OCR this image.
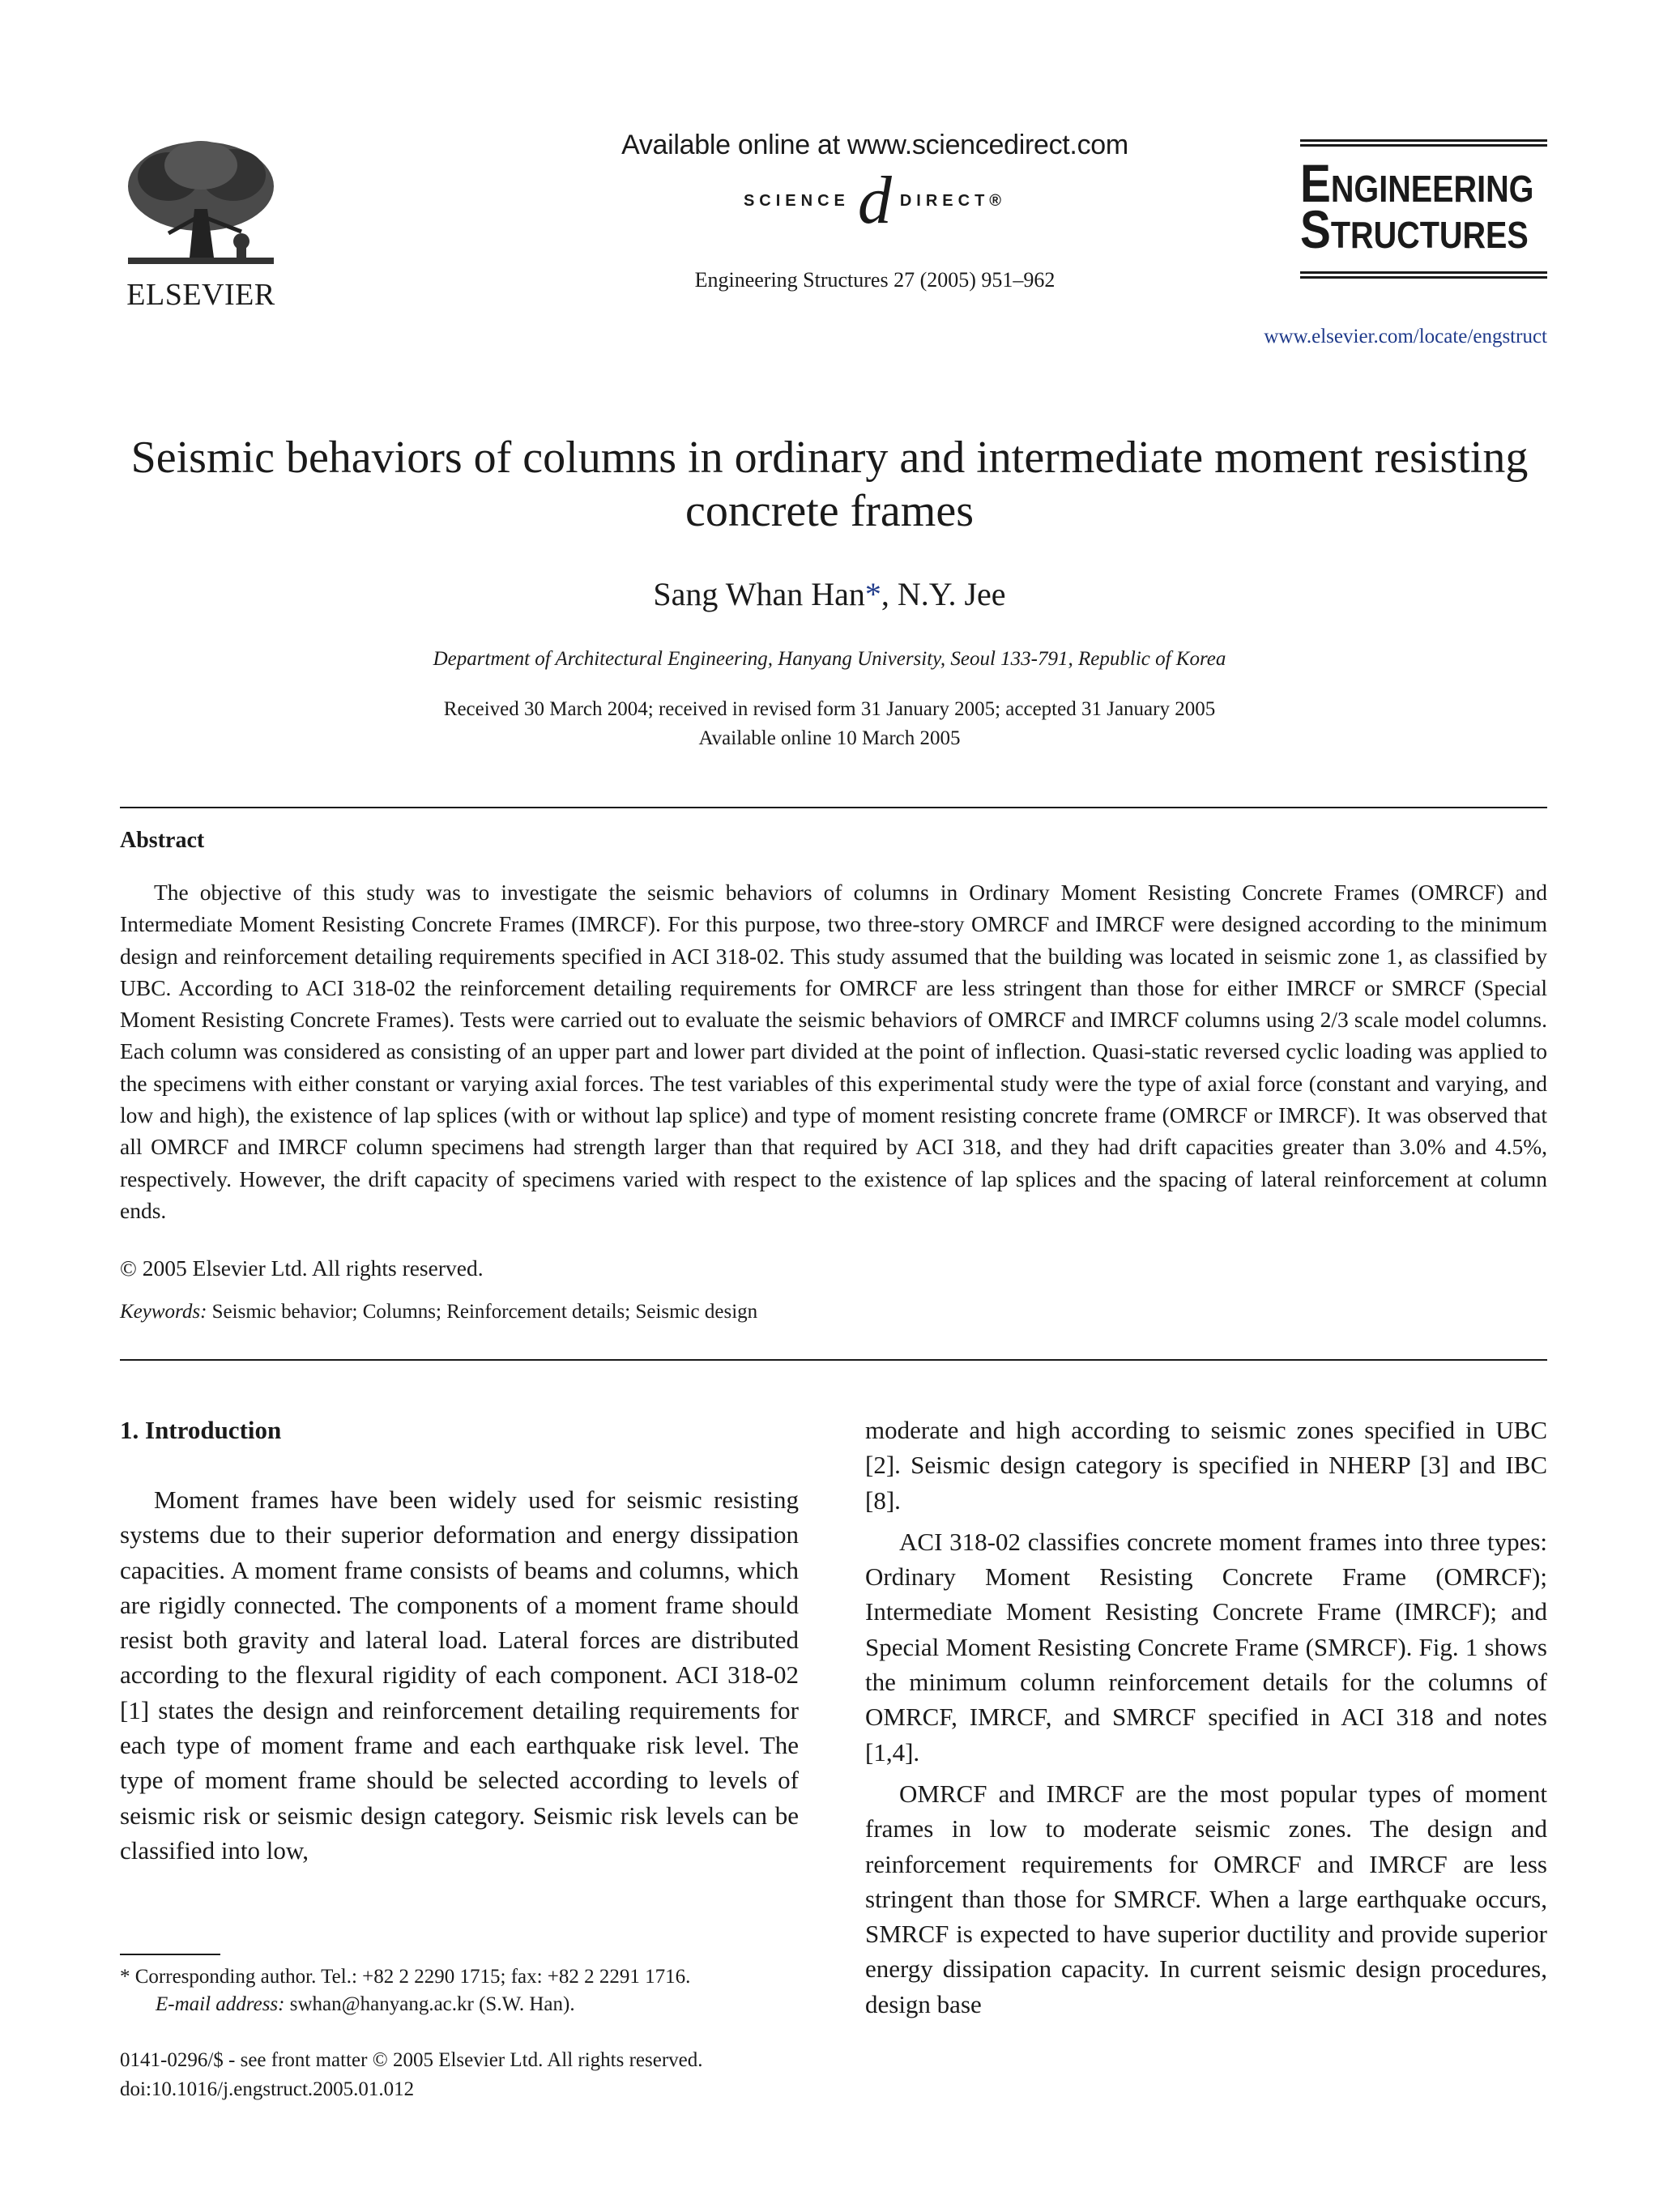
ELSEVIER
Available online at www.sciencedirect.com
SCIENCE d DIRECT®
Engineering Structures 27 (2005) 951–962
ENGINEERING
STRUCTURES
www.elsevier.com/locate/engstruct
Seismic behaviors of columns in ordinary and intermediate moment resisting concrete frames
Sang Whan Han*, N.Y. Jee
Department of Architectural Engineering, Hanyang University, Seoul 133-791, Republic of Korea
Received 30 March 2004; received in revised form 31 January 2005; accepted 31 January 2005
Available online 10 March 2005
Abstract
The objective of this study was to investigate the seismic behaviors of columns in Ordinary Moment Resisting Concrete Frames (OMRCF) and Intermediate Moment Resisting Concrete Frames (IMRCF). For this purpose, two three-story OMRCF and IMRCF were designed according to the minimum design and reinforcement detailing requirements specified in ACI 318-02. This study assumed that the building was located in seismic zone 1, as classified by UBC. According to ACI 318-02 the reinforcement detailing requirements for OMRCF are less stringent than those for either IMRCF or SMRCF (Special Moment Resisting Concrete Frames). Tests were carried out to evaluate the seismic behaviors of OMRCF and IMRCF columns using 2/3 scale model columns. Each column was considered as consisting of an upper part and lower part divided at the point of inflection. Quasi-static reversed cyclic loading was applied to the specimens with either constant or varying axial forces. The test variables of this experimental study were the type of axial force (constant and varying, and low and high), the existence of lap splices (with or without lap splice) and type of moment resisting concrete frame (OMRCF or IMRCF). It was observed that all OMRCF and IMRCF column specimens had strength larger than that required by ACI 318, and they had drift capacities greater than 3.0% and 4.5%, respectively. However, the drift capacity of specimens varied with respect to the existence of lap splices and the spacing of lateral reinforcement at column ends.
© 2005 Elsevier Ltd. All rights reserved.
Keywords: Seismic behavior; Columns; Reinforcement details; Seismic design
1. Introduction
Moment frames have been widely used for seismic resisting systems due to their superior deformation and energy dissipation capacities. A moment frame consists of beams and columns, which are rigidly connected. The components of a moment frame should resist both gravity and lateral load. Lateral forces are distributed according to the flexural rigidity of each component. ACI 318-02 [1] states the design and reinforcement detailing requirements for each type of moment frame and each earthquake risk level. The type of moment frame should be selected according to levels of seismic risk or seismic design category. Seismic risk levels can be classified into low,

moderate and high according to seismic zones specified in UBC [2]. Seismic design category is specified in NHERP [3] and IBC [8].

ACI 318-02 classifies concrete moment frames into three types: Ordinary Moment Resisting Concrete Frame (OMRCF); Intermediate Moment Resisting Concrete Frame (IMRCF); and Special Moment Resisting Concrete Frame (SMRCF). Fig. 1 shows the minimum column reinforcement details for the columns of OMRCF, IMRCF, and SMRCF specified in ACI 318 and notes [1,4].

OMRCF and IMRCF are the most popular types of moment frames in low to moderate seismic zones. The design and reinforcement requirements for OMRCF and IMRCF are less stringent than those for SMRCF. When a large earthquake occurs, SMRCF is expected to have superior ductility and provide superior energy dissipation capacity. In current seismic design procedures, design base

* Corresponding author. Tel.: +82 2 2290 1715; fax: +82 2 2291 1716.
E-mail address: swhan@hanyang.ac.kr (S.W. Han).
0141-0296/$ - see front matter © 2005 Elsevier Ltd. All rights reserved.
doi:10.1016/j.engstruct.2005.01.012
